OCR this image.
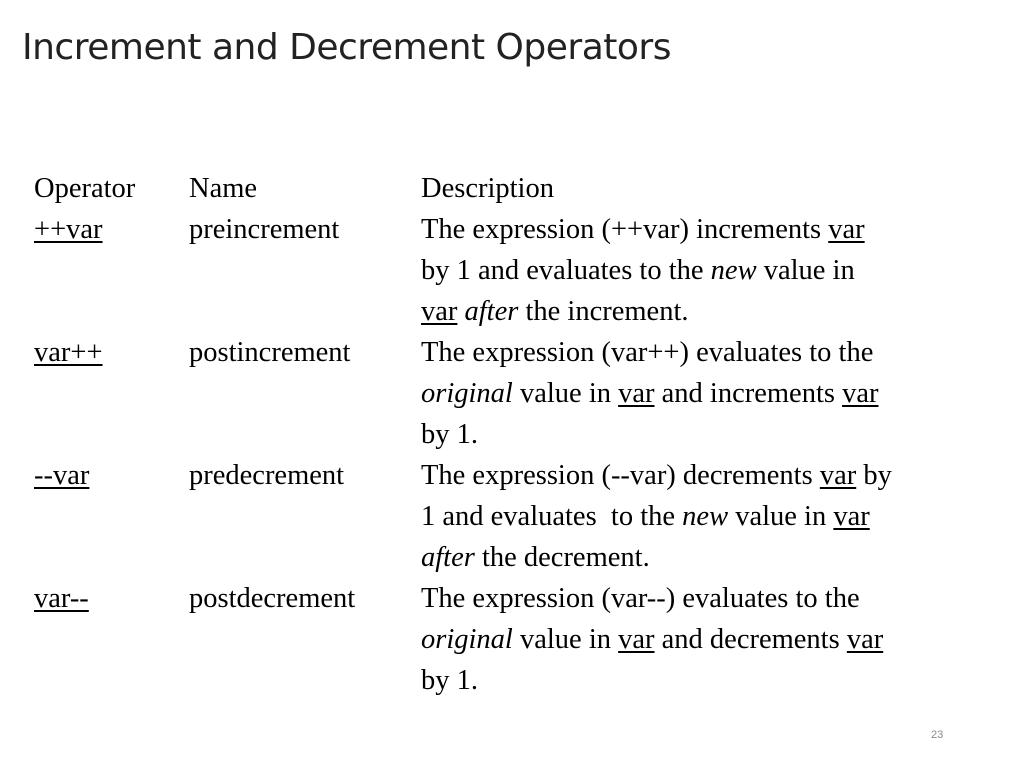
Increment and Decrement Operators
Operator	Name	Description
++var	preincrement	The expression (++var) increments var
by 1 and evaluates to the new value in
var after the increment.
var++	postincrement	The expression (var++) evaluates to the
original value in var and increments var
by 1.
--var	predecrement	The expression (--var) decrements var by
1 and evaluates  to the new value in var
after the decrement.
var--	postdecrement	The expression (var--) evaluates to the
original value in var and decrements var
by 1.
23
